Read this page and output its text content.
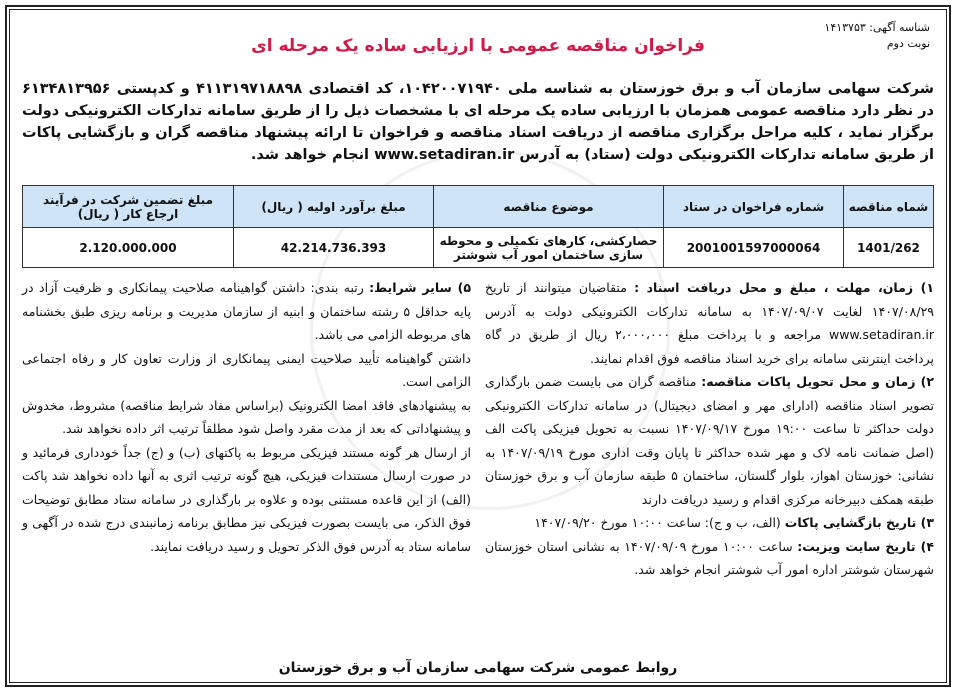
شناسه آگهی: ۱۴۱۳۷۵۳
نوبت دوم
فراخوان مناقصه عمومی با ارزیابی ساده یک مرحله ای
شرکت سهامی سازمان آب و برق خوزستان به شناسه ملی ۱۰۴۲۰۰۷۱۹۴۰، کد اقتصادی ۴۱۱۳۱۹۷۱۸۸۹۸ و کدپستی ۶۱۳۴۸۱۳۹۵۶ در نظر دارد مناقصه عمومی همزمان با ارزیابی ساده یک مرحله ای با مشخصات ذیل را از طریق سامانه تدارکات الکترونیکی دولت برگزار نماید ، کلیه مراحل برگزاری مناقصه از دریافت اسناد مناقصه و فراخوان تا ارائه پیشنهاد مناقصه گران و بازگشایی پاکات از طریق سامانه تدارکات الکترونیکی دولت (ستاد) به آدرس www.setadiran.ir انجام خواهد شد.
شماه مناقصه	شماره فراخوان در ستاد	موضوع مناقصه	مبلغ برآورد اولیه ( ریال)	مبلغ تضمین شرکت در فرآیند ارجاع کار ( ریال)
1401/262	2001001597000064	حصارکشی، کارهای تکمیلی و محوطه سازی ساختمان امور آب شوشتر	42.214.736.393	2.120.000.000

۱) زمان، مهلت ، مبلغ و محل دریافت اسناد : متقاضیان میتوانند از تاریخ ۱۴۰۷/۰۸/۲۹ لغایت ۱۴۰۷/۰۹/۰۷ به سامانه تدارکات الکترونیکی دولت به آدرس www.setadiran.ir مراجعه و با پرداخت مبلغ ۲،۰۰۰،۰۰۰ ریال از طریق در گاه پرداخت اینترنتی سامانه برای خرید اسناد مناقصه فوق اقدام نمایند.

۲) زمان و محل تحویل پاکات مناقصه: مناقصه گران می بایست ضمن بارگذاری تصویر اسناد مناقصه (ادارای مهر و امضای دیجیتال) در سامانه تدارکات الکترونیکی دولت حداکثر تا ساعت ۱۹:۰۰ مورخ ۱۴۰۷/۰۹/۱۷ نسبت به تحویل فیزیکی پاکت الف (اصل ضمانت نامه لاک و مهر شده حداکثر تا پایان وقت اداری مورخ ۱۴۰۷/۰۹/۱۹ به نشانی: خوزستان اهواز، بلوار گلستان، ساختمان ۵ طبقه سازمان آب و برق خوزستان طبقه همکف دبیرخانه مرکزی اقدام و رسید دریافت دارند

۳) تاریخ بازگشایی پاکات (الف، ب و ج): ساعت ۱۰:۰۰ مورخ ۱۴۰۷/۰۹/۲۰

۴) تاریخ سایت ویزیت: ساعت ۱۰:۰۰ مورخ ۱۴۰۷/۰۹/۰۹ به نشانی استان خوزستان شهرستان شوشتر اداره امور آب شوشتر انجام خواهد شد.

۵) سایر شرایط: رتبه بندی: داشتن گواهینامه صلاحیت پیمانکاری و ظرفیت آزاد در پایه حداقل ۵ رشته ساختمان و ابنیه از سازمان مدیریت و برنامه ریزی طبق بخشنامه های مربوطه الزامی می باشد.

داشتن گواهینامه تأیید صلاحیت ایمنی پیمانکاری از وزارت تعاون کار و رفاه اجتماعی الزامی است.

به پیشنهادهای فاقد امضا الکترونیک (براساس مفاد شرایط مناقصه) مشروط، مخدوش و پیشنهاداتی که بعد از مدت مقرد واصل شود مطلقاً ترتیب اثر داده نخواهد شد.

از ارسال هر گونه مستند فیزیکی مربوط به پاکتهای (ب) و (ج) جداً خودداری فرمائید و در صورت ارسال مستندات فیزیکی، هیچ گونه ترتیب اثری به آنها داده نخواهد شد پاکت (الف) از این قاعده مستثنی بوده و علاوه بر بارگذاری در سامانه ستاد مطابق توضیحات فوق الذکر، می بایست بصورت فیزیکی نیز مطابق برنامه زمانبندی درج شده در آگهی و سامانه ستاد به آدرس فوق الذکر تحویل و رسید دریافت نمایند.

روابط عمومی شرکت سهامی سازمان آب و برق خوزستان
